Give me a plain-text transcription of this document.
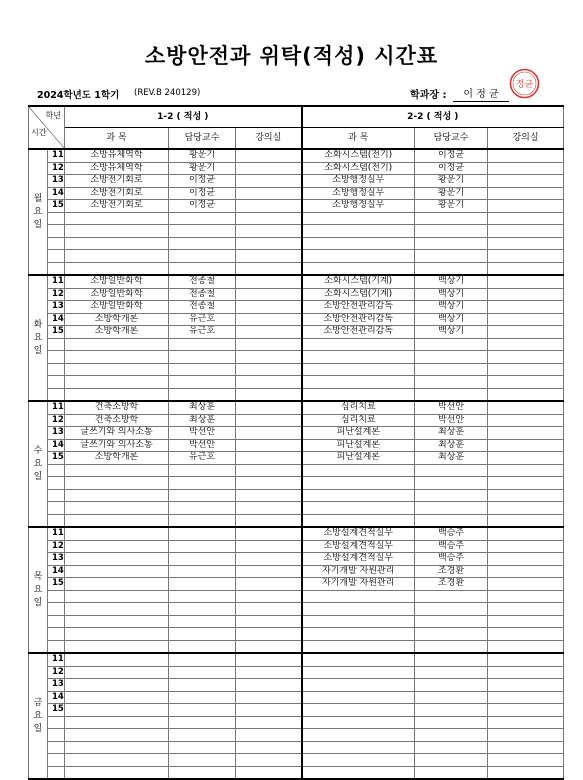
소방안전과 위탁(적성) 시간표
2024학년도 1학기 (REV.B 240129)	학과장 :	이 정 균
정균
학년
시간		1-2 ( 적성 )			2-2 ( 적성 )		
		과 목	담당교수	강의실	과 목	담당교수	강의실
월
요
일	11	소방유체역학	황운기		소화시스템(전기)	이정균	
	12	소방유체역학	황운기		소화시스템(전기)	이정균	
	13	소방전기회로	이정균		소방행정실무	황운기	
	14	소방전기회로	이정균		소방행정실무	황운기	
	15	소방전기회로	이정균		소방행정실무	황운기	

화
요
일	11	소방일반화학	전종철		소화시스템(기계)	백상기	
	12	소방일반화학	전종철		소화시스템(기계)	백상기	
	13	소방일반화학	전종철		소방안전관리감독	백상기	
	14	소방학개론	유근호		소방안전관리감독	백상기	
	15	소방학개론	유근호		소방안전관리감독	백상기	

수
요
일	11	건축소방학	최상훈		심리치료	박선안	
	12	건축소방학	최상훈		심리치료	박선안	
	13	글쓰기와 의사소통	박선안		피난설계론	최상훈	
	14	글쓰기와 의사소통	박선안		피난설계론	최상훈	
	15	소방학개론	유근호		피난설계론	최상훈	

목
요
일	11				소방설계견적실무	백승주	
	12				소방설계견적실무	백승주	
	13				소방설계견적실무	백승주	
	14				자기개발 자원관리	조경환	
	15				자기개발 자원관리	조경환	

금
요
일	11						
	12						
	13						
	14						
	15						
